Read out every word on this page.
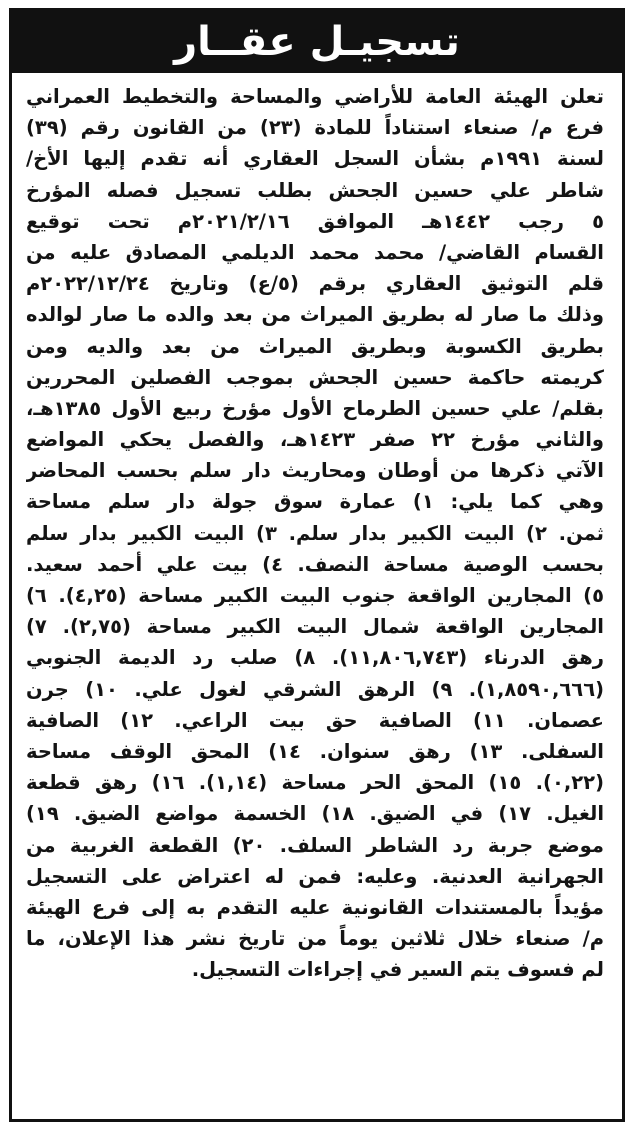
تسجيـل عقــار
تعلن الهيئة العامة للأراضي والمساحة والتخطيط العمراني
فرع م/ صنعاء استناداً للمادة (٢٣) من القانون رقم (٣٩)
لسنة ١٩٩١م بشأن السجل العقاري أنه تقدم إليها الأخ/
شاطر علي حسين الجحش بطلب تسجيل فصله المؤرخ
٥ رجب ١٤٤٢هـ الموافق ٢٠٢١/٢/١٦م تحت توقيع
القسام القاضي/ محمد محمد الديلمي المصادق عليه من
قلم التوثيق العقاري برقم (٥/ع) وتاريخ ٢٠٢٢/١٢/٢٤م
وذلك ما صار له بطريق الميراث من بعد والده ما صار لوالده
بطريق الكسوبة وبطريق الميراث من بعد والديه ومن
كريمته حاكمة حسين الجحش بموجب الفصلين المحررين
بقلم/ علي حسين الطرماح الأول مؤرخ ربيع الأول ١٣٨٥هـ،
والثاني مؤرخ ٢٢ صفر ١٤٢٣هـ، والفصل يحكي المواضع
الآتي ذكرها من أوطان ومحاريث دار سلم بحسب المحاضر
وهي كما يلي: ١) عمارة سوق جولة دار سلم مساحة
ثمن. ٢) البيت الكبير بدار سلم. ٣) البيت الكبير بدار سلم
بحسب الوصية مساحة النصف. ٤) بيت علي أحمد سعيد.
٥) المجارين الواقعة جنوب البيت الكبير مساحة (٤,٢٥). ٦)
المجارين الواقعة شمال البيت الكبير مساحة (٢,٧٥). ٧)
رهق الدرناء (١١,٨٠٦,٧٤٣). ٨) صلب رد الديمة الجنوبي
(١,٨٥٩٠,٦٦٦). ٩) الرهق الشرقي لغول علي. ١٠) جرن
عصمان. ١١) الصافية حق بيت الراعي. ١٢) الصافية
السفلى. ١٣) رهق سنوان. ١٤) المحق الوقف مساحة
(٠,٢٢). ١٥) المحق الحر مساحة (١,١٤). ١٦) رهق قطعة
الغيل. ١٧) في الضيق. ١٨) الخسمة مواضع الضيق. ١٩)
موضع جربة رد الشاطر السلف. ٢٠) القطعة الغربية من
الجهرانية العدنية. وعليه: فمن له اعتراض على التسجيل
مؤيداً بالمستندات القانونية عليه التقدم به إلى فرع الهيئة
م/ صنعاء خلال ثلاثين يوماً من تاريخ نشر هذا الإعلان، ما
لم فسوف يتم السير في إجراءات التسجيل.
